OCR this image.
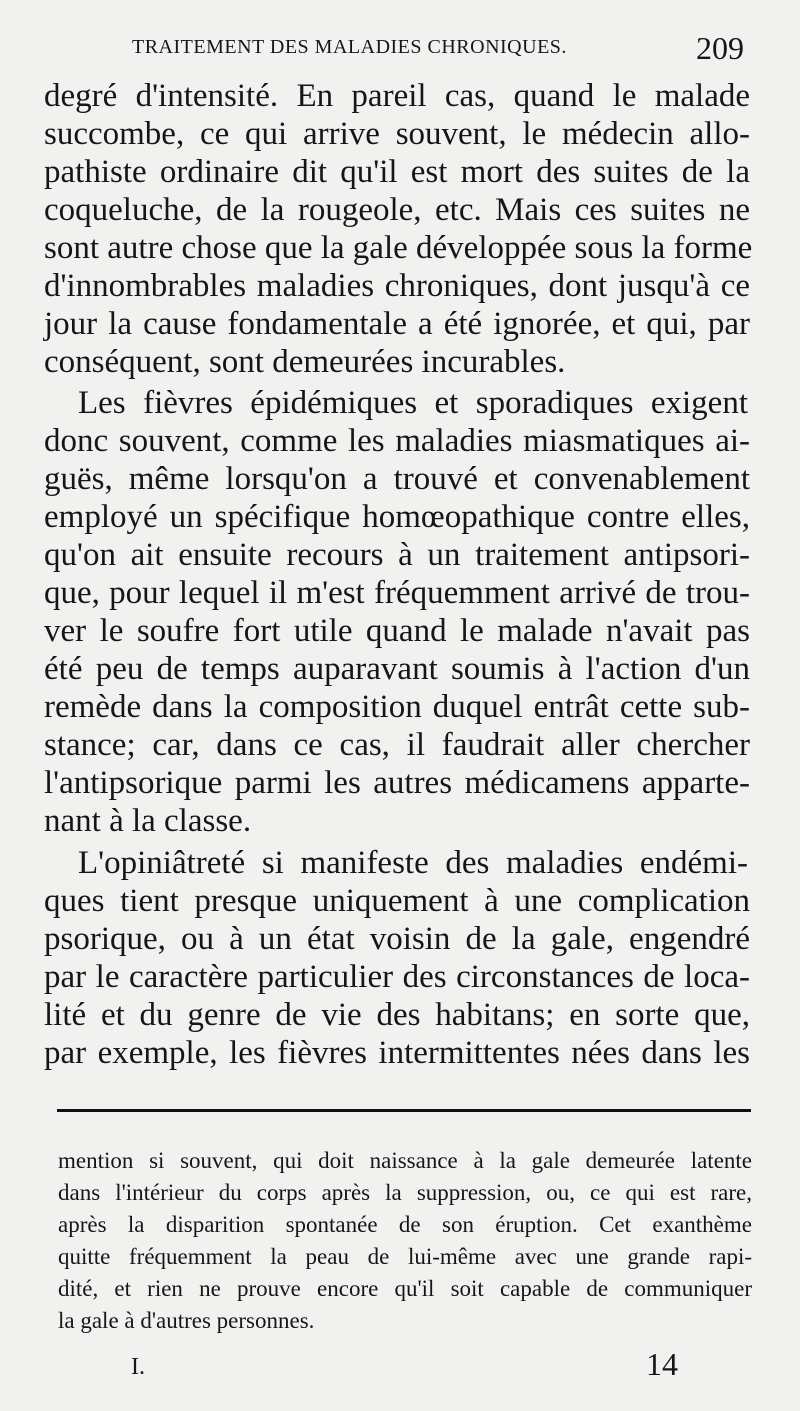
TRAITEMENT DES MALADIES CHRONIQUES.	209
degré d'intensité. En pareil cas, quand le malade
succombe, ce qui arrive souvent, le médecin allo-
pathiste ordinaire dit qu'il est mort des suites de la
coqueluche, de la rougeole, etc. Mais ces suites ne
sont autre chose que la gale développée sous la forme
d'innombrables maladies chroniques, dont jusqu'à ce
jour la cause fondamentale a été ignorée, et qui, par
conséquent, sont demeurées incurables.
Les fièvres épidémiques et sporadiques exigent
donc souvent, comme les maladies miasmatiques ai-
guës, même lorsqu'on a trouvé et convenablement
employé un spécifique homœopathique contre elles,
qu'on ait ensuite recours à un traitement antipsori-
que, pour lequel il m'est fréquemment arrivé de trou-
ver le soufre fort utile quand le malade n'avait pas
été peu de temps auparavant soumis à l'action d'un
remède dans la composition duquel entrât cette sub-
stance; car, dans ce cas, il faudrait aller chercher
l'antipsorique parmi les autres médicamens apparte-
nant à la classe.
L'opiniâtreté si manifeste des maladies endémi-
ques tient presque uniquement à une complication
psorique, ou à un état voisin de la gale, engendré
par le caractère particulier des circonstances de loca-
lité et du genre de vie des habitans; en sorte que,
par exemple, les fièvres intermittentes nées dans les
mention si souvent, qui doit naissance à la gale demeurée latente
dans l'intérieur du corps après la suppression, ou, ce qui est rare,
après la disparition spontanée de son éruption. Cet exanthème
quitte fréquemment la peau de lui-même avec une grande rapi-
dité, et rien ne prouve encore qu'il soit capable de communiquer
la gale à d'autres personnes.
I.	14
